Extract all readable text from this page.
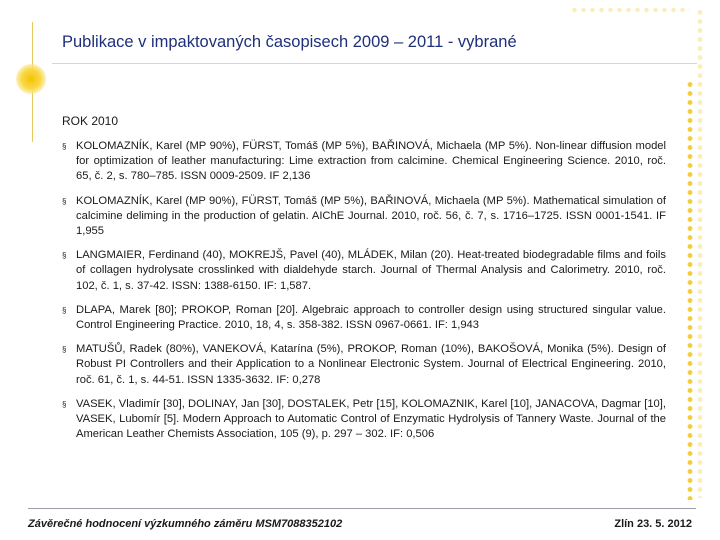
Publikace v impaktovaných časopisech 2009 – 2011 - vybrané
ROK 2010
§ KOLOMAZNÍK, Karel (MP 90%), FÜRST, Tomáš (MP 5%), BAŘINOVÁ, Michaela (MP 5%). Non-linear diffusion model for optimization of leather manufacturing: Lime extraction from calcimine. Chemical Engineering Science. 2010, roč. 65, č. 2, s. 780–785. ISSN 0009-2509. IF 2,136
§ KOLOMAZNÍK, Karel (MP 90%), FÜRST, Tomáš (MP 5%), BAŘINOVÁ, Michaela (MP 5%). Mathematical simulation of calcimine deliming in the production of gelatin. AIChE Journal. 2010, roč. 56, č. 7, s. 1716–1725. ISSN 0001-1541. IF 1,955
§ LANGMAIER, Ferdinand (40), MOKREJŠ, Pavel (40), MLÁDEK, Milan (20). Heat-treated biodegradable films and foils of collagen hydrolysate crosslinked with dialdehyde starch. Journal of Thermal Analysis and Calorimetry. 2010, roč. 102, č. 1, s. 37-42. ISSN: 1388-6150. IF: 1,587.
§ DLAPA, Marek [80]; PROKOP, Roman [20]. Algebraic approach to controller design using structured singular value. Control Engineering Practice. 2010, 18, 4, s. 358-382. ISSN 0967-0661. IF: 1,943
§ MATUŠŮ, Radek (80%), VANEKOVÁ, Katarína (5%), PROKOP, Roman (10%), BAKOŠOVÁ, Monika (5%). Design of Robust PI Controllers and their Application to a Nonlinear Electronic System. Journal of Electrical Engineering. 2010, roč. 61, č. 1, s. 44-51. ISSN 1335-3632. IF: 0,278
§ VASEK, Vladimír [30], DOLINAY, Jan [30], DOSTALEK, Petr [15], KOLOMAZNIK, Karel [10], JANACOVA, Dagmar [10], VASEK, Lubomír [5]. Modern Approach to Automatic Control of Enzymatic Hydrolysis of Tannery Waste. Journal of the American Leather Chemists Association, 105 (9), p. 297 – 302. IF: 0,506
Závěrečné hodnocení výzkumného záměru MSM7088352102	Zlín 23. 5. 2012
